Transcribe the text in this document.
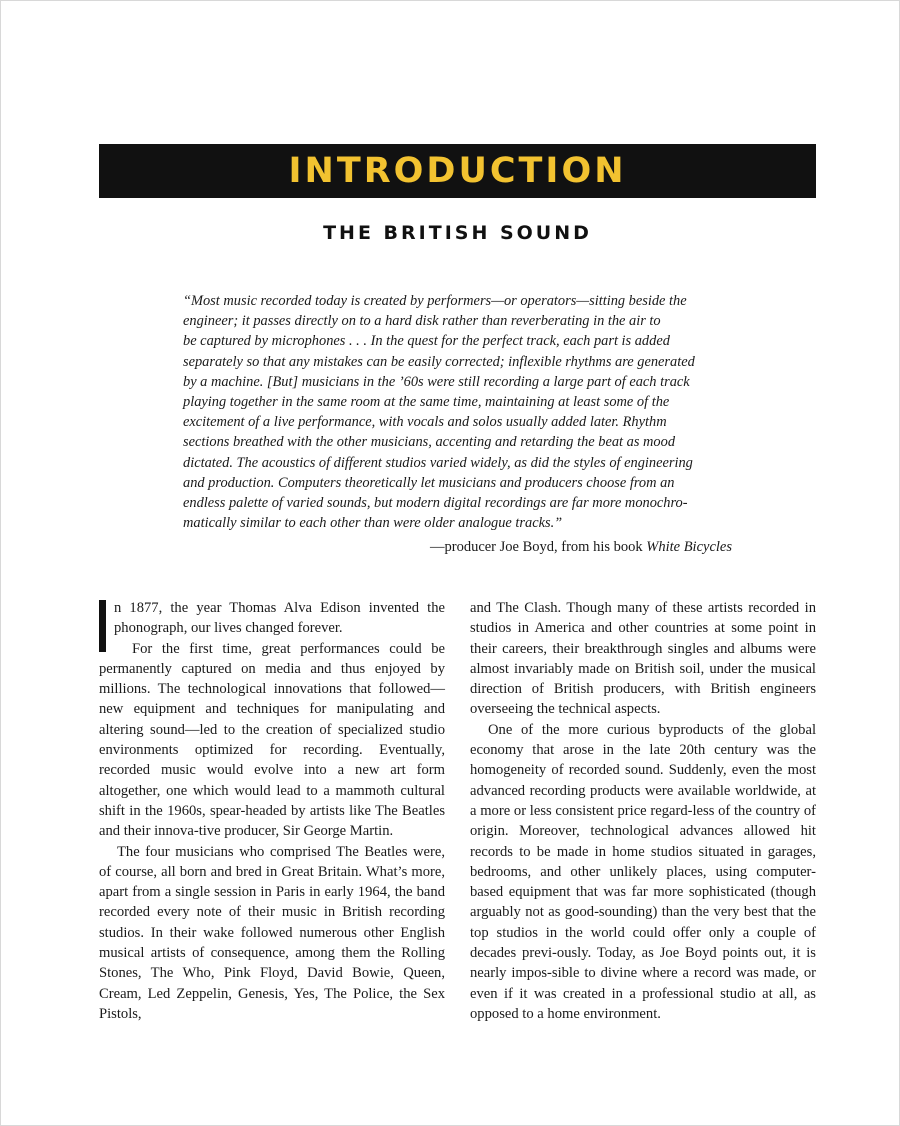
INTRODUCTION
THE BRITISH SOUND
“Most music recorded today is created by performers—or operators—sitting beside the
engineer; it passes directly on to a hard disk rather than reverberating in the air to
be captured by microphones . . . In the quest for the perfect track, each part is added
separately so that any mistakes can be easily corrected; inflexible rhythms are generated
by a machine. [But] musicians in the ’60s were still recording a large part of each track
playing together in the same room at the same time, maintaining at least some of the
excitement of a live performance, with vocals and solos usually added later. Rhythm
sections breathed with the other musicians, accenting and retarding the beat as mood
dictated. The acoustics of different studios varied widely, as did the styles of engineering
and production. Computers theoretically let musicians and producers choose from an
endless palette of varied sounds, but modern digital recordings are far more monochro-
matically similar to each other than were older analogue tracks.”
—producer Joe Boyd, from his book White Bicycles

n 1877, the year Thomas Alva Edison invented the phonograph, our lives changed forever.

For the first time, great performances could be permanently captured on media and thus enjoyed by millions. The technological innovations that followed—new equipment and techniques for manipulating and altering sound—led to the creation of specialized studio environments optimized for recording. Eventually, recorded music would evolve into a new art form altogether, one which would lead to a mammoth cultural shift in the 1960s, spear-headed by artists like The Beatles and their innova-tive producer, Sir George Martin.

The four musicians who comprised The Beatles were, of course, all born and bred in Great Britain. What’s more, apart from a single session in Paris in early 1964, the band recorded every note of their music in British recording studios. In their wake followed numerous other English musical artists of consequence, among them the Rolling Stones, The Who, Pink Floyd, David Bowie, Queen, Cream, Led Zeppelin, Genesis, Yes, The Police, the Sex Pistols,

and The Clash. Though many of these artists recorded in studios in America and other countries at some point in their careers, their breakthrough singles and albums were almost invariably made on British soil, under the musical direction of British producers, with British engineers overseeing the technical aspects.

One of the more curious byproducts of the global economy that arose in the late 20th century was the homogeneity of recorded sound. Suddenly, even the most advanced recording products were available worldwide, at a more or less consistent price regard-less of the country of origin. Moreover, technological advances allowed hit records to be made in home studios situated in garages, bedrooms, and other unlikely places, using computer-based equipment that was far more sophisticated (though arguably not as good-sounding) than the very best that the top studios in the world could offer only a couple of decades previ-ously. Today, as Joe Boyd points out, it is nearly impos-sible to divine where a record was made, or even if it was created in a professional studio at all, as opposed to a home environment.
